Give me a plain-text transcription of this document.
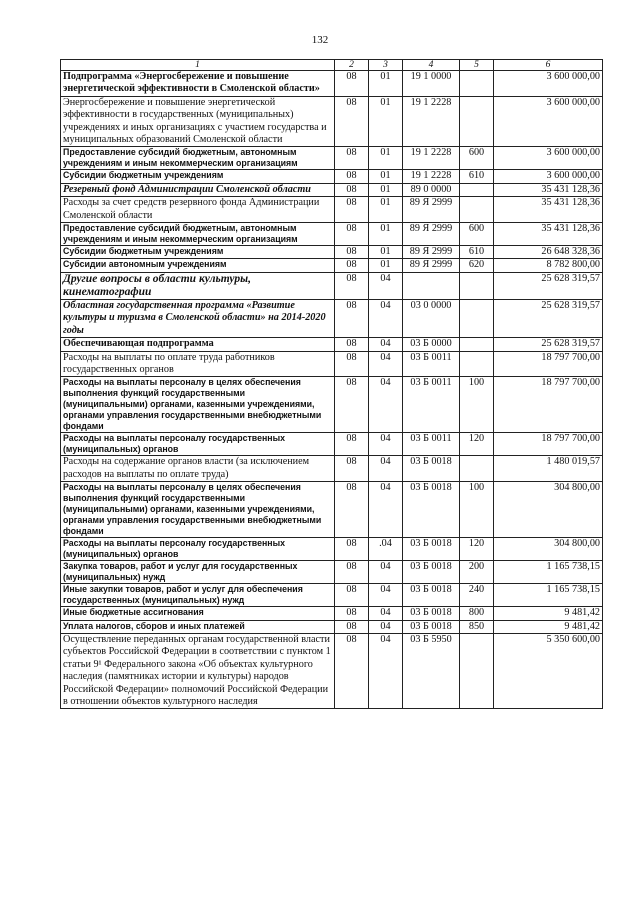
132
1	2	3	4	5	6
Подпрограмма «Энергосбережение и повышение энергетической эффективности в Смоленской области»	08	01	19 1 0000		3 600 000,00
Энергосбережение и повышение энергетической эффективности в государственных (муниципальных) учреждениях и иных организациях с участием государства и муниципальных образований Смоленской области	08	01	19 1 2228		3 600 000,00
Предоставление субсидий бюджетным, автономным учреждениям и иным некоммерческим организациям	08	01	19 1 2228	600	3 600 000,00
Субсидии бюджетным учреждениям	08	01	19 1 2228	610	3 600 000,00
Резервный фонд Администрации Смоленской области	08	01	89 0 0000		35 431 128,36
Расходы за счет средств резервного фонда Администрации Смоленской области	08	01	89 Я 2999		35 431 128,36
Предоставление субсидий бюджетным, автономным учреждениям и иным некоммерческим организациям	08	01	89 Я 2999	600	35 431 128,36
Субсидии бюджетным учреждениям	08	01	89 Я 2999	610	26 648 328,36
Субсидии автономным учреждениям	08	01	89 Я 2999	620	8 782 800,00
Другие вопросы в области культуры, кинематографии	08	04			25 628 319,57
Областная государственная программа «Развитие культуры и туризма в Смоленской области» на 2014-2020 годы	08	04	03 0 0000		25 628 319,57
Обеспечивающая подпрограмма	08	04	03 Б 0000		25 628 319,57
Расходы на выплаты по оплате труда работников государственных органов	08	04	03 Б 0011		18 797 700,00
Расходы на выплаты персоналу в целях обеспечения выполнения функций государственными (муниципальными) органами, казенными учреждениями, органами управления государственными внебюджетными фондами	08	04	03 Б 0011	100	18 797 700,00
Расходы на выплаты персоналу государственных (муниципальных) органов	08	04	03 Б 0011	120	18 797 700,00
Расходы на содержание органов власти (за исключением расходов на выплаты по оплате труда)	08	04	03 Б 0018		1 480 019,57
Расходы на выплаты персоналу в целях обеспечения выполнения функций государственными (муниципальными) органами, казенными учреждениями, органами управления государственными внебюджетными фондами	08	04	03 Б 0018	100	304 800,00
Расходы на выплаты персоналу государственных (муниципальных) органов	08	.04	03 Б 0018	120	304 800,00
Закупка товаров, работ и услуг для государственных (муниципальных) нужд	08	04	03 Б 0018	200	1 165 738,15
Иные закупки товаров, работ и услуг для обеспечения государственных (муниципальных) нужд	08	04	03 Б 0018	240	1 165 738,15
Иные бюджетные ассигнования	08	04	03 Б 0018	800	9 481,42
Уплата налогов, сборов и иных платежей	08	04	03 Б 0018	850	9 481,42
Осуществление переданных органам государственной власти субъектов Российской Федерации в соответствии с пунктом 1 статьи 9¹ Федерального закона «Об объектах культурного наследия (памятниках истории и культуры) народов Российской Федерации» полномочий Российской Федерации в отношении объектов культурного наследия	08	04	03 Б 5950		5 350 600,00
